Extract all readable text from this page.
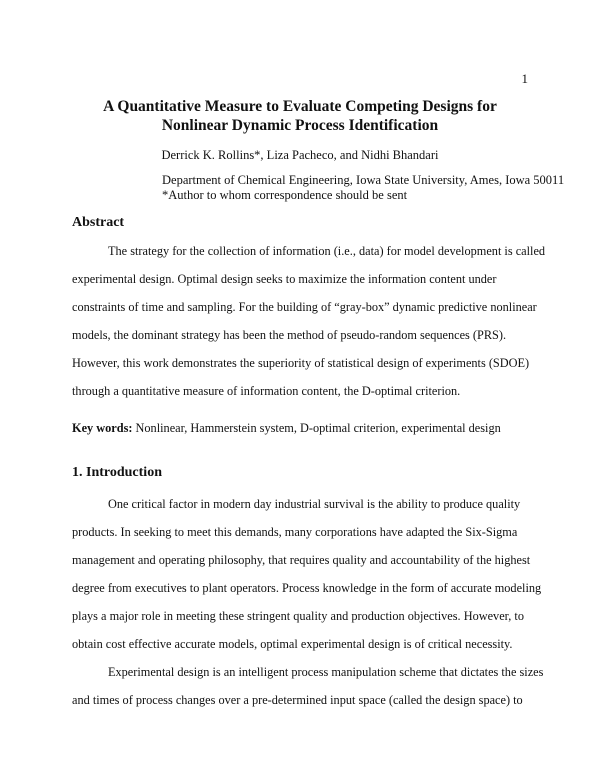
1
A Quantitative Measure to Evaluate Competing Designs for
Nonlinear Dynamic Process Identification
Derrick K. Rollins*, Liza Pacheco, and Nidhi Bhandari
Department of Chemical Engineering, Iowa State University, Ames, Iowa 50011
*Author to whom correspondence should be sent
Abstract

The strategy for the collection of information (i.e., data) for model development is called
experimental design. Optimal design seeks to maximize the information content under
constraints of time and sampling. For the building of “gray-box” dynamic predictive nonlinear
models, the dominant strategy has been the method of pseudo-random sequences (PRS).
However, this work demonstrates the superiority of statistical design of experiments (SDOE)
through a quantitative measure of information content, the D-optimal criterion.

Key words: Nonlinear, Hammerstein system, D-optimal criterion, experimental design
1. Introduction

One critical factor in modern day industrial survival is the ability to produce quality
products. In seeking to meet this demands, many corporations have adapted the Six-Sigma
management and operating philosophy, that requires quality and accountability of the highest
degree from executives to plant operators. Process knowledge in the form of accurate modeling
plays a major role in meeting these stringent quality and production objectives. However, to
obtain cost effective accurate models, optimal experimental design is of critical necessity.

Experimental design is an intelligent process manipulation scheme that dictates the sizes
and times of process changes over a pre-determined input space (called the design space) to
